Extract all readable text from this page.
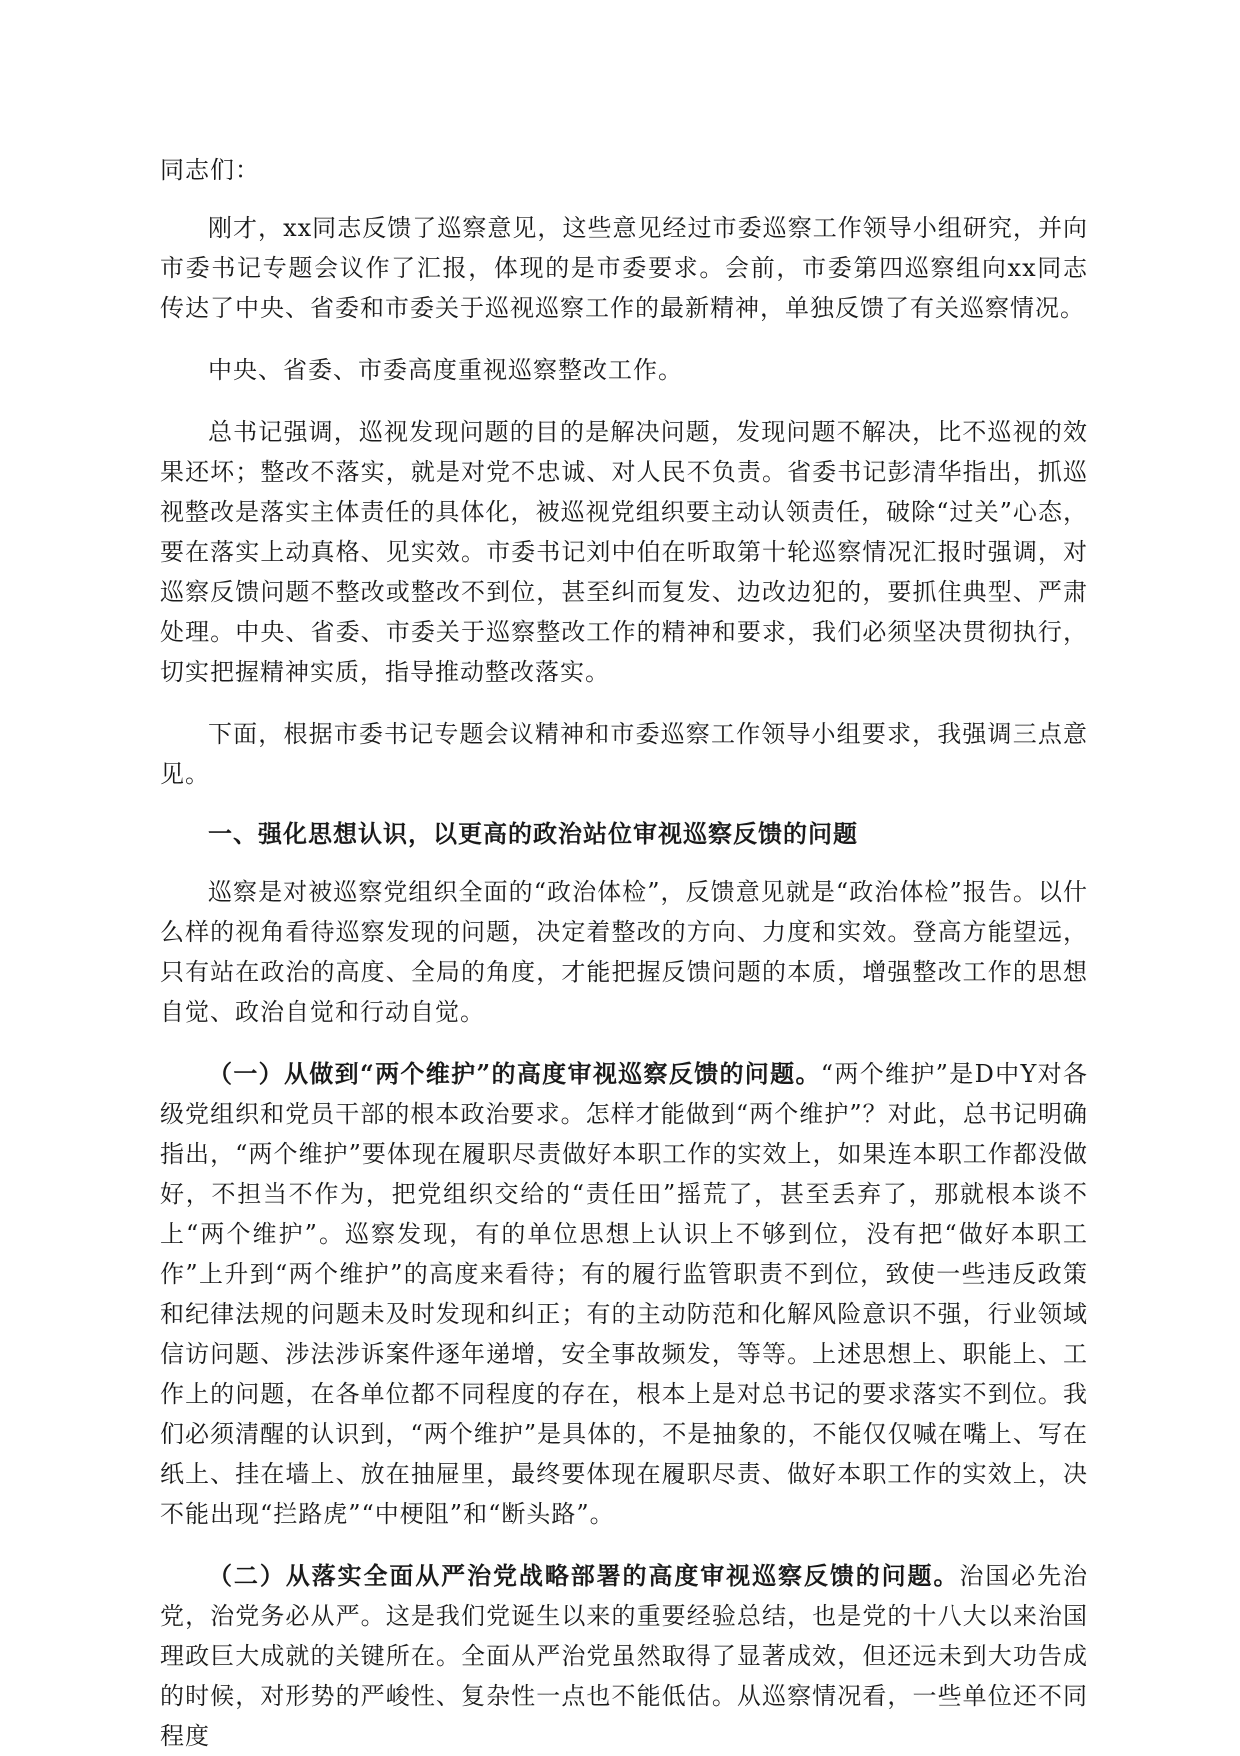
同志们：

刚才，xx同志反馈了巡察意见，这些意见经过市委巡察工作领导小组研究，并向市委书记专题会议作了汇报，体现的是市委要求。会前，市委第四巡察组向xx同志传达了中央、省委和市委关于巡视巡察工作的最新精神，单独反馈了有关巡察情况。

中央、省委、市委高度重视巡察整改工作。

总书记强调，巡视发现问题的目的是解决问题，发现问题不解决，比不巡视的效果还坏；整改不落实，就是对党不忠诚、对人民不负责。省委书记彭清华指出，抓巡视整改是落实主体责任的具体化，被巡视党组织要主动认领责任，破除“过关”心态，要在落实上动真格、见实效。市委书记刘中伯在听取第十轮巡察情况汇报时强调，对巡察反馈问题不整改或整改不到位，甚至纠而复发、边改边犯的，要抓住典型、严肃处理。中央、省委、市委关于巡察整改工作的精神和要求，我们必须坚决贯彻执行，切实把握精神实质，指导推动整改落实。

下面，根据市委书记专题会议精神和市委巡察工作领导小组要求，我强调三点意见。

一、强化思想认识，以更高的政治站位审视巡察反馈的问题

巡察是对被巡察党组织全面的“政治体检”，反馈意见就是“政治体检”报告。以什么样的视角看待巡察发现的问题，决定着整改的方向、力度和实效。登高方能望远，只有站在政治的高度、全局的角度，才能把握反馈问题的本质，增强整改工作的思想自觉、政治自觉和行动自觉。

（一）从做到“两个维护”的高度审视巡察反馈的问题。“两个维护”是D中Y对各级党组织和党员干部的根本政治要求。怎样才能做到“两个维护”？对此，总书记明确指出，“两个维护”要体现在履职尽责做好本职工作的实效上，如果连本职工作都没做好，不担当不作为，把党组织交给的“责任田”摇荒了，甚至丢弃了，那就根本谈不上“两个维护”。巡察发现，有的单位思想上认识上不够到位，没有把“做好本职工作”上升到“两个维护”的高度来看待；有的履行监管职责不到位，致使一些违反政策和纪律法规的问题未及时发现和纠正；有的主动防范和化解风险意识不强，行业领域信访问题、涉法涉诉案件逐年递增，安全事故频发，等等。上述思想上、职能上、工作上的问题，在各单位都不同程度的存在，根本上是对总书记的要求落实不到位。我们必须清醒的认识到，“两个维护”是具体的，不是抽象的，不能仅仅喊在嘴上、写在纸上、挂在墙上、放在抽屉里，最终要体现在履职尽责、做好本职工作的实效上，决不能出现“拦路虎”“中梗阻”和“断头路”。

（二）从落实全面从严治党战略部署的高度审视巡察反馈的问题。治国必先治党，治党务必从严。这是我们党诞生以来的重要经验总结，也是党的十八大以来治国理政巨大成就的关键所在。全面从严治党虽然取得了显著成效，但还远未到大功告成的时候，对形势的严峻性、复杂性一点也不能低估。从巡察情况看，一些单位还不同程度
